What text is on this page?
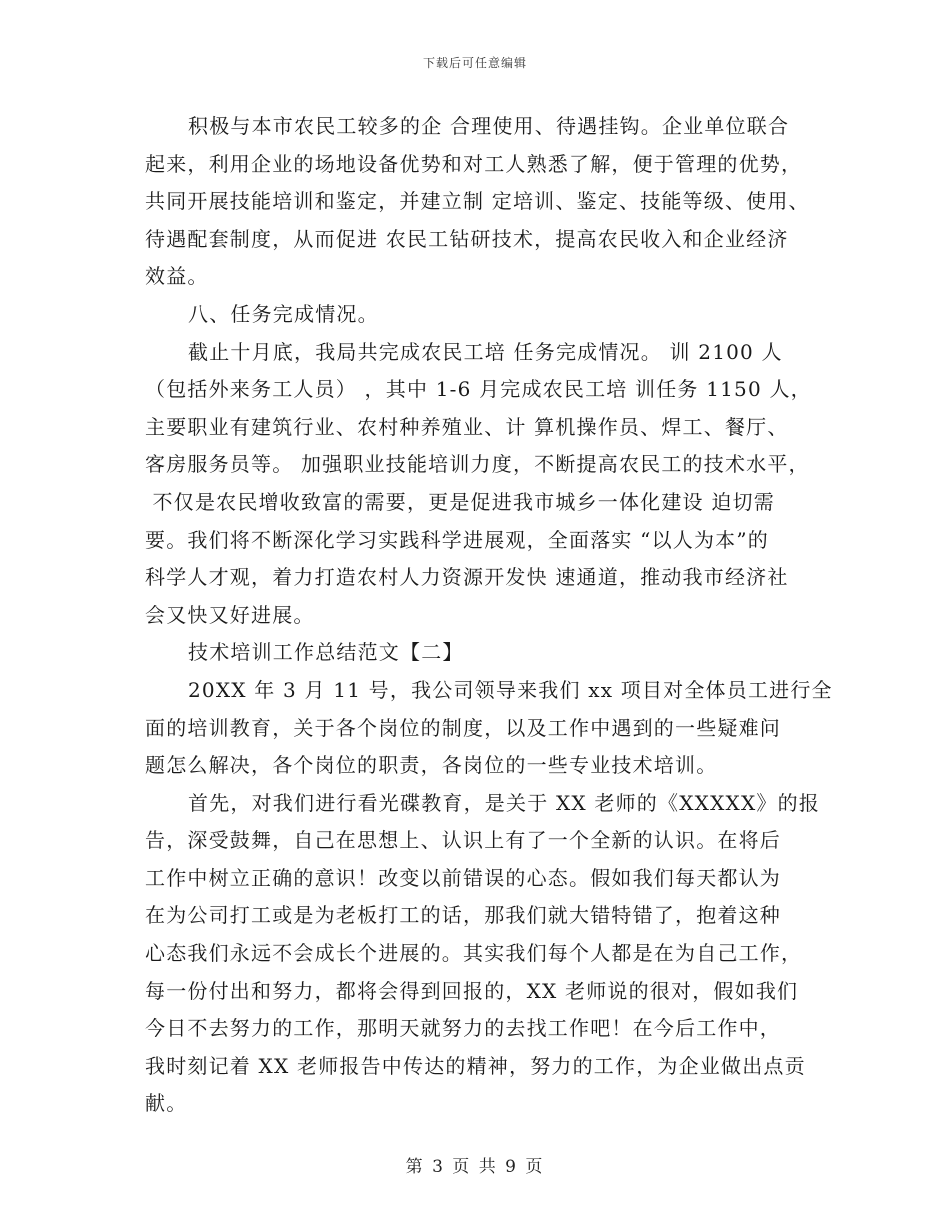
下载后可任意编辑
积极与本市农民工较多的企 合理使用、待遇挂钩。企业单位联合
起来，利用企业的场地设备优势和对工人熟悉了解，便于管理的优势，
共同开展技能培训和鉴定，并建立制 定培训、鉴定、技能等级、使用、
待遇配套制度，从而促进 农民工钻研技术，提高农民收入和企业经济
效益。
八、任务完成情况。
截止十月底，我局共完成农民工培 任务完成情况。 训 2100 人
（包括外来务工人员） ，其中 1-6 月完成农民工培 训任务 1150 人，
主要职业有建筑行业、农村种养殖业、计 算机操作员、焊工、餐厅、
客房服务员等。 加强职业技能培训力度，不断提高农民工的技术水平，
不仅是农民增收致富的需要，更是促进我市城乡一体化建设 迫切需
要。我们将不断深化学习实践科学进展观，全面落实 “以人为本”的
科学人才观，着力打造农村人力资源开发快 速通道，推动我市经济社
会又快又好进展。
技术培训工作总结范文【二】
20XX 年 3 月 11 号，我公司领导来我们 xx 项目对全体员工进行全
面的培训教育，关于各个岗位的制度，以及工作中遇到的一些疑难问
题怎么解决，各个岗位的职责，各岗位的一些专业技术培训。
首先，对我们进行看光碟教育，是关于 XX 老师的《XXXXX》的报
告，深受鼓舞，自己在思想上、认识上有了一个全新的认识。在将后
工作中树立正确的意识！改变以前错误的心态。假如我们每天都认为
在为公司打工或是为老板打工的话，那我们就大错特错了，抱着这种
心态我们永远不会成长个进展的。其实我们每个人都是在为自己工作，
每一份付出和努力，都将会得到回报的，XX 老师说的很对，假如我们
今日不去努力的工作，那明天就努力的去找工作吧！在今后工作中，
我时刻记着 XX 老师报告中传达的精神，努力的工作，为企业做出点贡
献。
第 3 页 共 9 页
